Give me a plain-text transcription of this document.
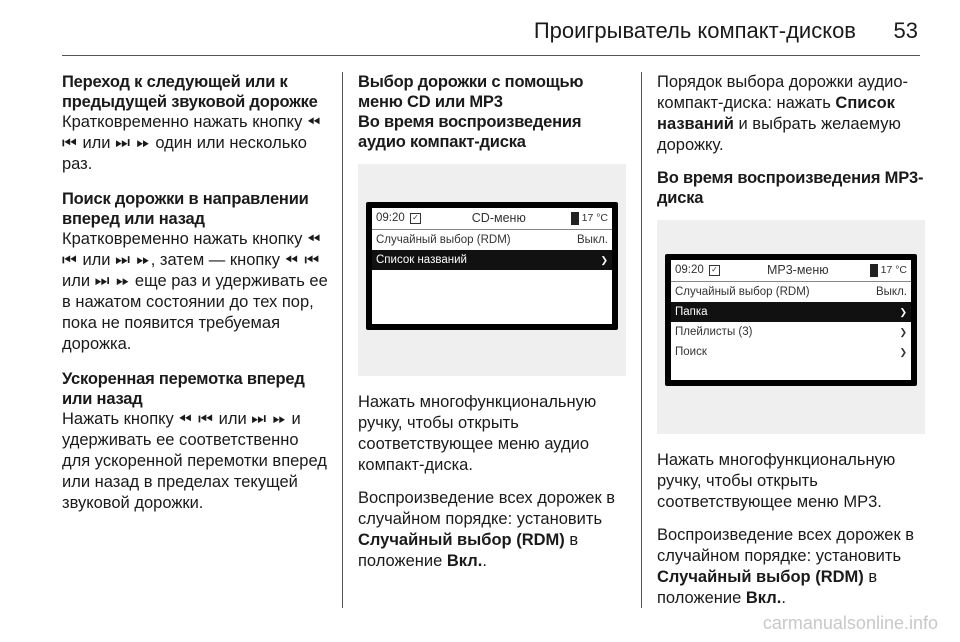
Проигрыватель компакт-дисков 53
Переход к следующей или к предыдущей звуковой дорожке
Кратковременно нажать кнопку ⏪︎ ⏮︎ или ⏭︎ ⏩︎ один или несколько раз.
Поиск дорожки в направлении вперед или назад
Кратковременно нажать кнопку ⏪︎ ⏮︎ или ⏭︎ ⏩︎, затем — кнопку ⏪︎ ⏮︎ или ⏭︎ ⏩︎ еще раз и удерживать ее в нажатом состоянии до тех пор, пока не появится требуемая дорожка.
Ускоренная перемотка вперед или назад
Нажать кнопку ⏪︎ ⏮︎ или ⏭︎ ⏩︎ и удерживать ее соответственно для ускоренной перемотки вперед или назад в пределах текущей звуковой дорожки.
Выбор дорожки с помощью меню CD или MP3
Во время воспроизведения аудио компакт-диска
09:20 ✓	CD-меню	17 °C
Случайный выбор (RDM)	Выкл.
Список названий	❯

Нажать многофункциональную ручку, чтобы открыть соответствующее меню аудио компакт-диска.

Воспроизведение всех дорожек в случайном порядке: установить Случайный выбор (RDM) в положение Вкл..

Порядок выбора дорожки аудио-компакт-диска: нажать Список названий и выбрать желаемую дорожку.

Во время воспроизведения MP3-диска
09:20 ✓	MP3-меню	17 °C
Случайный выбор (RDM)	Выкл.
Папка	❯
Плейлисты (3)	❯
Поиск	❯

Нажать многофункциональную ручку, чтобы открыть соответствующее меню MP3.

Воспроизведение всех дорожек в случайном порядке: установить Случайный выбор (RDM) в положение Вкл..

carmanualsonline.info
